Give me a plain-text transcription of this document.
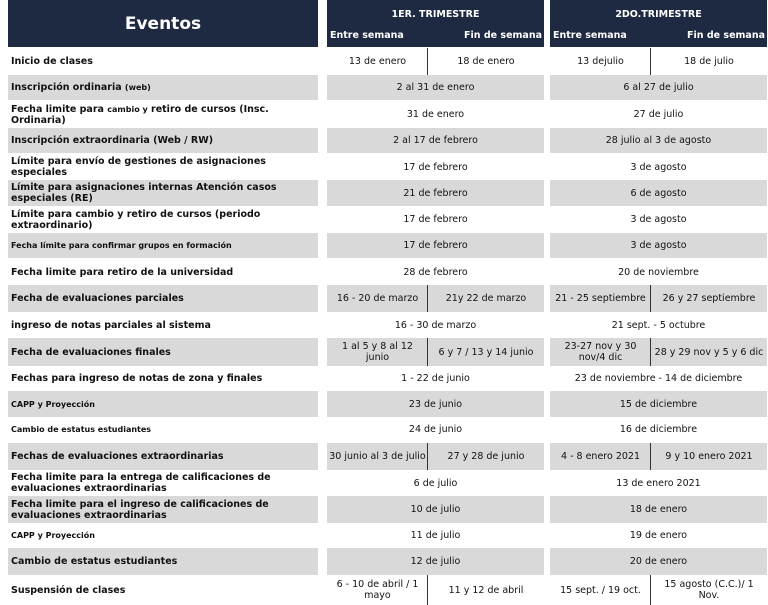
Eventos	1ER. TRIMESTRE
Entre semana	Fin de semana
2DO.TRIMESTRE
Entre semana	Fin de semana
Inicio de clases	13 de enero	18 de enero	13 dejulio	18 de julio
Inscripción ordinaria (web)	2 al 31 de enero	6 al 27 de julio
Fecha limite para cambio y retiro de cursos (Insc. Ordinaria)	31 de enero	27 de julio
Inscripción extraordinaria (Web / RW)	2 al 17 de febrero	28 julio al 3 de agosto
Límite para envío de gestiones de asignaciones especiales	17 de febrero	3 de agosto
Límite para asignaciones internas Atención casos especiales (RE)	21 de febrero	6 de agosto
Límite para cambio y retiro de cursos (periodo extraordinario)	17 de febrero	3 de agosto
Fecha límite para confirmar grupos en formación	17 de febrero	3 de agosto
Fecha limite para retiro de la universidad	28 de febrero	20 de noviembre
Fecha de evaluaciones parciales	16 - 20 de marzo	21y 22 de marzo	21 - 25 septiembre	26 y 27 septiembre
ingreso de notas parciales al sistema	16 - 30 de marzo	21 sept. - 5 octubre
Fecha de evaluaciones finales	1 al 5 y 8 al 12 junio	6 y 7 / 13 y 14 junio	23-27 nov y 30 nov/4 dic	28 y 29 nov y 5 y 6 dic
Fechas para ingreso de notas de zona y finales	1 - 22 de junio	23 de noviembre - 14 de diciembre
CAPP y Proyección	23 de junio	15 de diciembre
Cambio de estatus estudiantes	24 de junio	16 de diciembre
Fechas de evaluaciones extraordinarias	30 junio al 3 de julio	27 y 28 de junio	4 - 8 enero 2021	9 y 10 enero 2021
Fecha limite para la entrega de calificaciones de evaluaciones extraordinarias	6 de julio	13 de enero 2021
Fecha limite para el ingreso de calificaciones de evaluaciones extraordinarias	10 de julio	18 de enero
CAPP y Proyección	11 de julio	19 de enero
Cambio de estatus estudiantes	12 de julio	20 de enero
Suspensión de clases	6 - 10 de abril / 1 mayo	11 y 12 de abril	15 sept. / 19 oct.	15 agosto (C.C.)/ 1 Nov.
